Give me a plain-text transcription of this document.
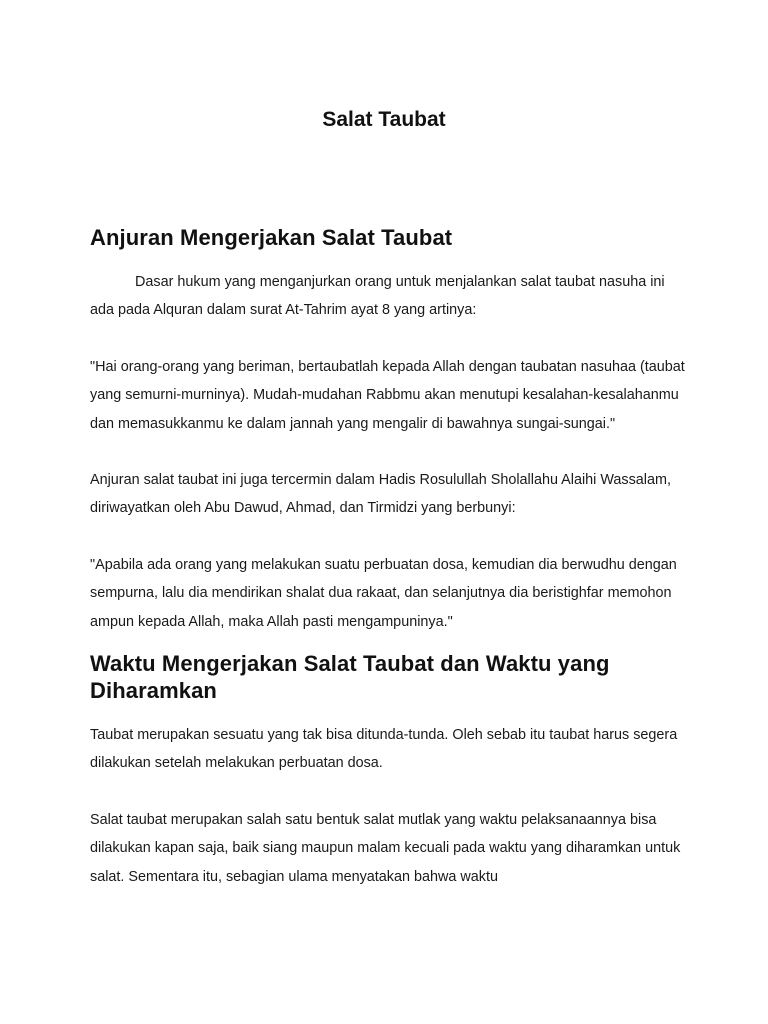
Salat Taubat
Anjuran Mengerjakan Salat Taubat

Dasar hukum yang menganjurkan orang untuk menjalankan salat taubat nasuha ini ada pada Alquran dalam surat At-Tahrim ayat 8 yang artinya:

"Hai orang-orang yang beriman, bertaubatlah kepada Allah dengan taubatan nasuhaa (taubat yang semurni-murninya). Mudah-mudahan Rabbmu akan menutupi kesalahan-kesalahanmu dan memasukkanmu ke dalam jannah yang mengalir di bawahnya sungai-sungai."

Anjuran salat taubat ini juga tercermin dalam Hadis Rosulullah Sholallahu Alaihi Wassalam, diriwayatkan oleh Abu Dawud, Ahmad, dan Tirmidzi yang berbunyi:

"Apabila ada orang yang melakukan suatu perbuatan dosa, kemudian dia berwudhu dengan sempurna, lalu dia mendirikan shalat dua rakaat, dan selanjutnya dia beristighfar memohon ampun kepada Allah, maka Allah pasti mengampuninya."

Waktu Mengerjakan Salat Taubat dan Waktu yang Diharamkan

Taubat merupakan sesuatu yang tak bisa ditunda-tunda. Oleh sebab itu taubat harus segera dilakukan setelah melakukan perbuatan dosa.

Salat taubat merupakan salah satu bentuk salat mutlak yang waktu pelaksanaannya bisa dilakukan kapan saja, baik siang maupun malam kecuali pada waktu yang diharamkan untuk salat. Sementara itu, sebagian ulama menyatakan bahwa waktu
